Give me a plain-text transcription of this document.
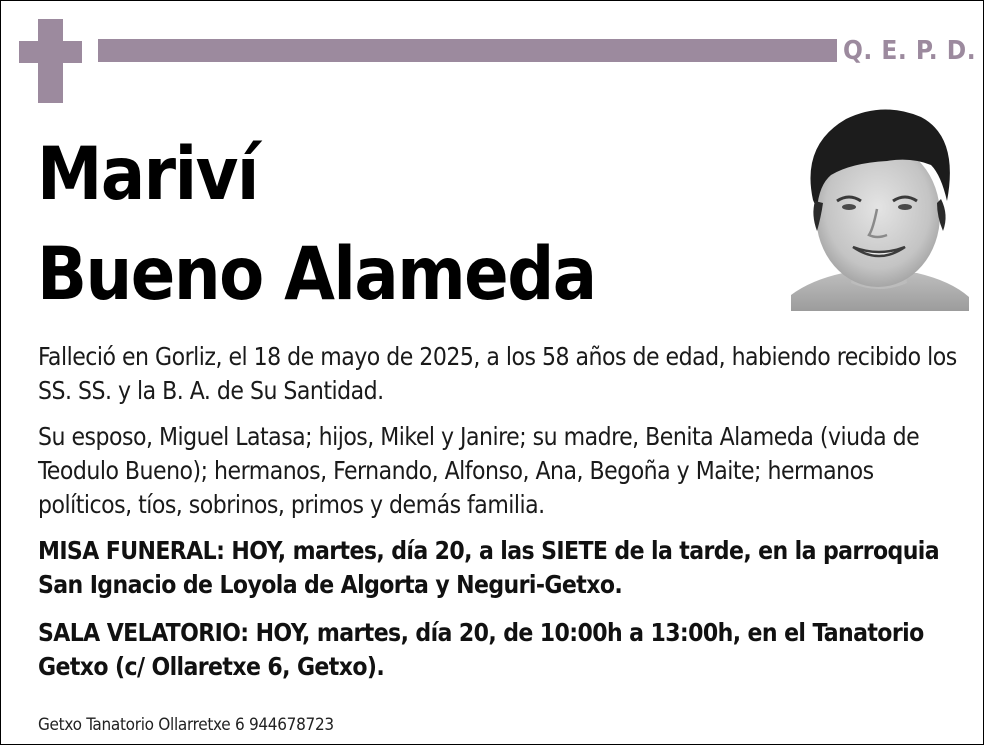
Q. E. P. D.
Mariví
Bueno Alameda

Falleció en Gorliz, el 18 de mayo de 2025, a los 58 años de edad, habiendo recibido los SS. SS. y la B. A. de Su Santidad.

Su esposo, Miguel Latasa; hijos, Mikel y Janire; su madre, Benita Alameda (viuda de Teodulo Bueno); hermanos, Fernando, Alfonso, Ana, Begoña y Maite; hermanos políticos, tíos, sobrinos, primos y demás familia.

MISA FUNERAL: HOY, martes, día 20, a las SIETE de la tarde, en la parroquia San Ignacio de Loyola de Algorta y Neguri-Getxo.

SALA VELATORIO: HOY, martes, día 20, de 10:00h a 13:00h, en el Tanatorio Getxo (c/ Ollaretxe 6, Getxo).

Getxo Tanatorio Ollarretxe 6 944678723
